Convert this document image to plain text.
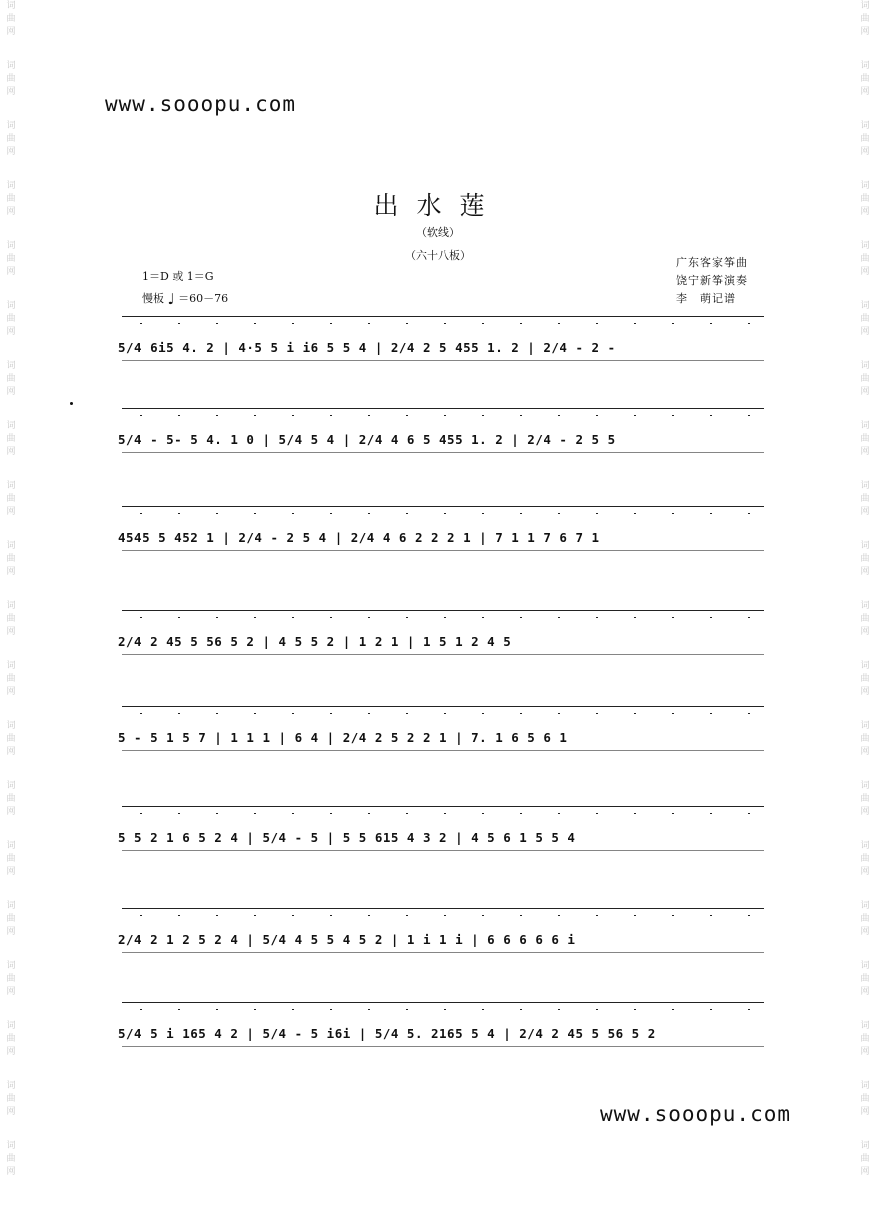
词
曲
网
词
曲
网
词
曲
网
词
曲
网
词
曲
网
词
曲
网
词
曲
网
词
曲
网
词
曲
网
词
曲
网
词
曲
网
词
曲
网
词
曲
网
词
曲
网
词
曲
网
词
曲
网
词
曲
网
词
曲
网
词
曲
网
词
曲
网
词
曲
网
词
曲
网
词
曲
网
词
曲
网
词
曲
网
词
曲
网
词
曲
网
词
曲
网
词
曲
网
词
曲
网
词
曲
网
词
曲
网
词
曲
网
词
曲
网
词
曲
网
词
曲
网
词
曲
网
词
曲
网
词
曲
网
词
曲
网
www.sooopu.com
出水莲
（软线）
（六十八板）
1＝D 或 1＝G
慢板 ♩ ＝60－76
广东客家筝曲
饶宁新筝演奏
李　萌记谱
5/4 6i5 4. 2 | 4·5 5 i i6 5 5 4 | 2/4 2 5 455 1. 2 | 2/4 - 2 -
5/4 - 5- 5 4. 1 0 | 5/4 5 4 | 2/4 4 6 5 455 1. 2 | 2/4 - 2 5 5
4545 5 452 1 | 2/4 - 2 5 4 | 2/4 4 6 2 2 2 1 | 7 1 1 7 6 7 1
2/4 2 45 5 56 5 2 | 4 5 5 2 | 1 2 1 | 1 5 1 2 4 5
5 - 5 1 5 7 | 1 1 1 | 6 4 | 2/4 2 5 2 2 1 | 7. 1 6 5 6 1
5 5 2 1 6 5 2 4 | 5/4 - 5 | 5 5 615 4 3 2 | 4 5 6 1 5 5 4
2/4 2 1 2 5 2 4 | 5/4 4 5 5 4 5 2 | 1 i 1 i | 6 6 6 6 6 i
5/4 5 i 165 4 2 | 5/4 - 5 i6i | 5/4 5. 2165 5 4 | 2/4 2 45 5 56 5 2
www.sooopu.com
